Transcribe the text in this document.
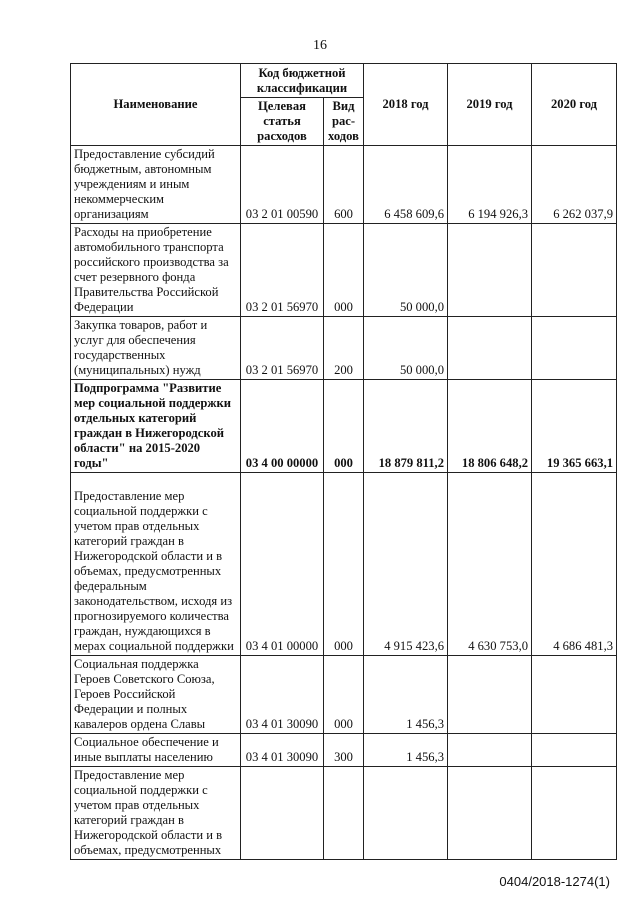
16
Наименование	Код бюджетной классификации		2018 год	2019 год	2020 год
	Целевая статья расходов	Вид рас-ходов			
Предоставление субсидий бюджетным, автономным учреждениям и иным некоммерческим организациям	03 2 01 00590	600	6 458 609,6	6 194 926,3	6 262 037,9
Расходы на приобретение автомобильного транспорта российского производства за счет резервного фонда Правительства Российской Федерации	03 2 01 56970	000	50 000,0		
Закупка товаров, работ и услуг для обеспечения государственных (муниципальных) нужд	03 2 01 56970	200	50 000,0		
Подпрограмма "Развитие мер социальной поддержки отдельных категорий граждан в Нижегородской области" на 2015-2020 годы"	03 4 00 00000	000	18 879 811,2	18 806 648,2	19 365 663,1
Предоставление мер социальной поддержки с учетом прав отдельных категорий граждан в Нижегородской области и в объемах, предусмотренных федеральным законодательством, исходя из прогнозируемого количества граждан, нуждающихся в мерах социальной поддержки	03 4 01 00000	000	4 915 423,6	4 630 753,0	4 686 481,3
Социальная поддержка Героев Советского Союза, Героев Российской Федерации и полных кавалеров ордена Славы	03 4 01 30090	000	1 456,3		
Социальное обеспечение и иные выплаты населению	03 4 01 30090	300	1 456,3		
Предоставление мер социальной поддержки с учетом прав отдельных категорий граждан в Нижегородской области и в объемах, предусмотренных					
0404/2018-1274(1)
